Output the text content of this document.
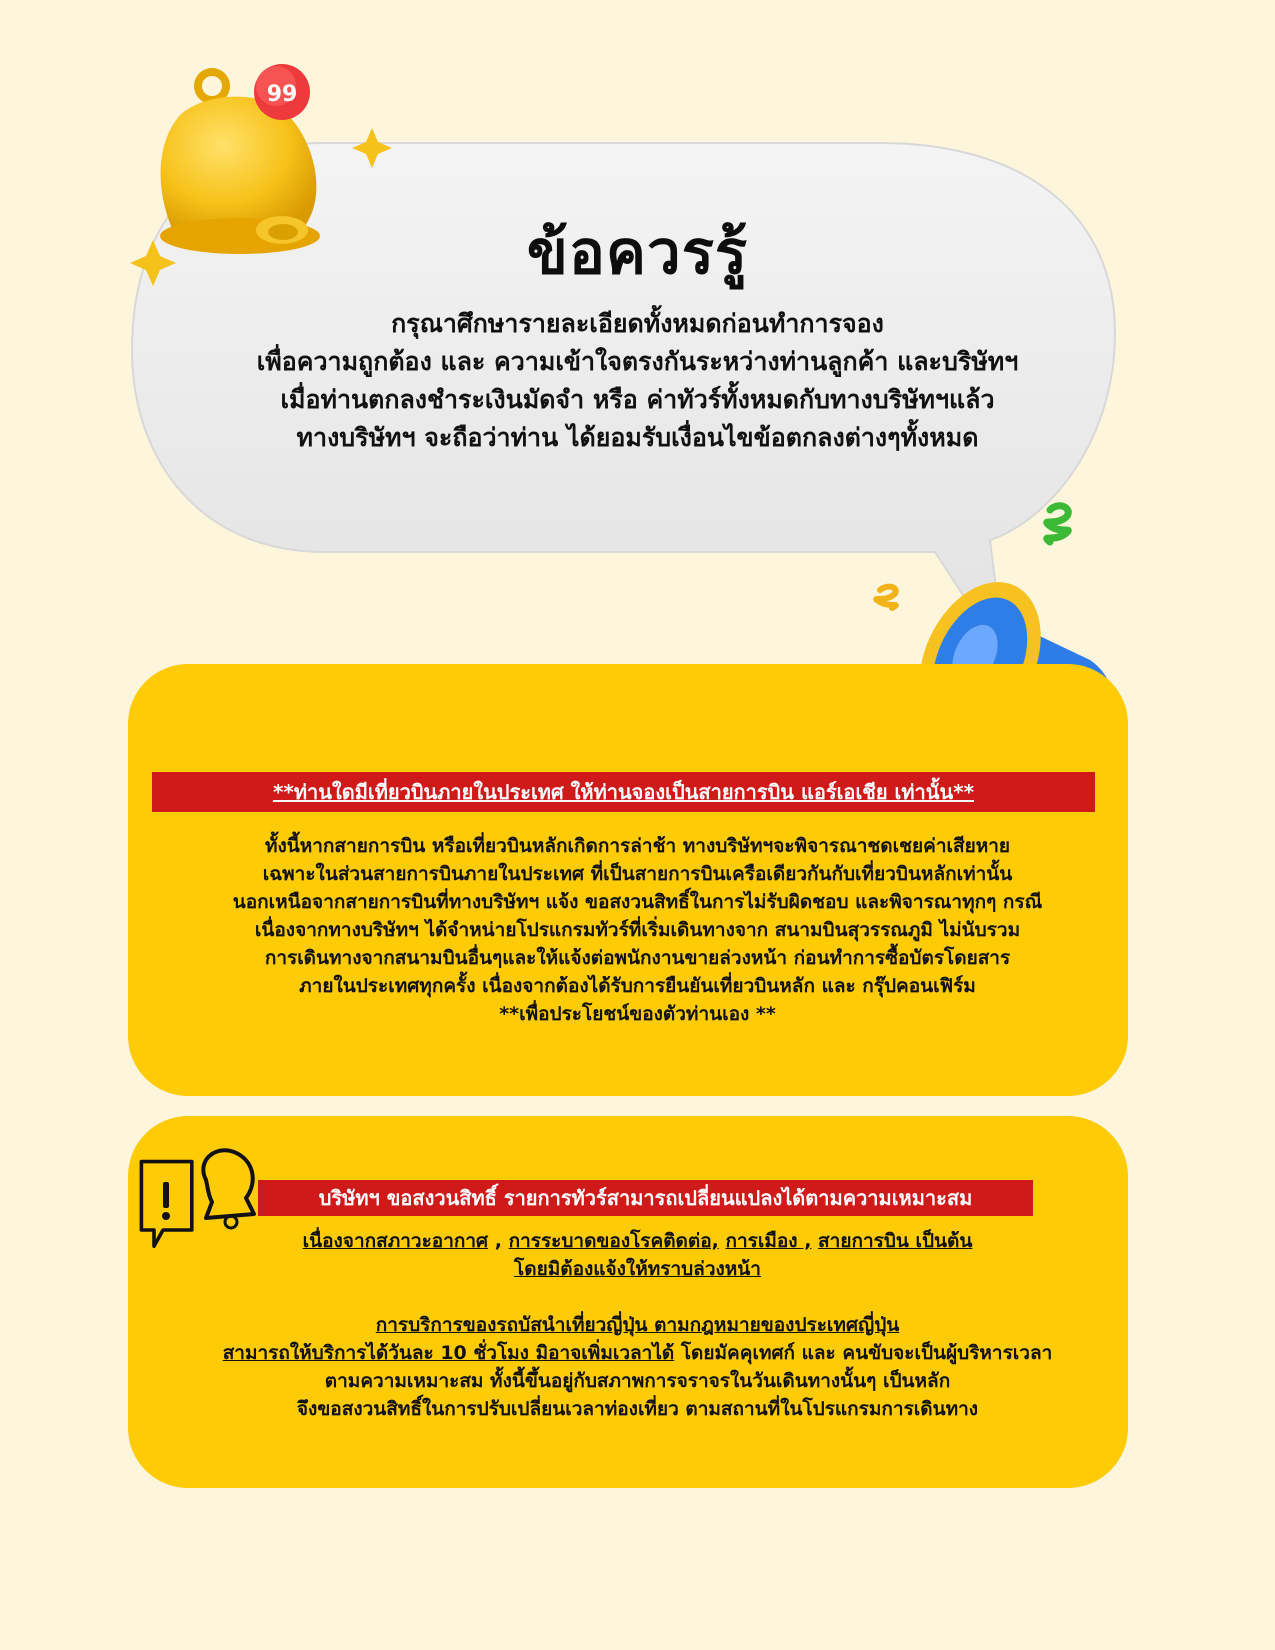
99
ข้อควรรู้
กรุณาศึกษารายละเอียดทั้งหมดก่อนทำการจอง
เพื่อความถูกต้อง และ ความเข้าใจตรงกันระหว่างท่านลูกค้า และบริษัทฯ
เมื่อท่านตกลงชำระเงินมัดจำ หรือ ค่าทัวร์ทั้งหมดกับทางบริษัทฯแล้ว
ทางบริษัทฯ จะถือว่าท่าน ได้ยอมรับเงื่อนไขข้อตกลงต่างๆทั้งหมด
**ท่านใดมีเที่ยวบินภายในประเทศ ให้ท่านจองเป็นสายการบิน แอร์เอเชีย เท่านั้น**
ทั้งนี้หากสายการบิน หรือเที่ยวบินหลักเกิดการล่าช้า ทางบริษัทฯจะพิจารณาชดเชยค่าเสียหาย
เฉพาะในส่วนสายการบินภายในประเทศ ที่เป็นสายการบินเครือเดียวกันกับเที่ยวบินหลักเท่านั้น
นอกเหนือจากสายการบินที่ทางบริษัทฯ แจ้ง ขอสงวนสิทธิ์ในการไม่รับผิดชอบ และพิจารณาทุกๆ กรณี
เนื่องจากทางบริษัทฯ ได้จำหน่ายโปรแกรมทัวร์ที่เริ่มเดินทางจาก สนามบินสุวรรณภูมิ ไม่นับรวม
การเดินทางจากสนามบินอื่นๆและให้แจ้งต่อพนักงานขายล่วงหน้า ก่อนทำการซื้อบัตรโดยสาร
ภายในประเทศทุกครั้ง เนื่องจากต้องได้รับการยืนยันเที่ยวบินหลัก และ กรุ๊ปคอนเฟิร์ม
**เพื่อประโยชน์ของตัวท่านเอง **
บริษัทฯ ขอสงวนสิทธิ์ รายการทัวร์สามารถเปลี่ยนแปลงได้ตามความเหมาะสม
เนื่องจากสภาวะอากาศ , การระบาดของโรคติดต่อ, การเมือง , สายการบิน เป็นต้น
โดยมิต้องแจ้งให้ทราบล่วงหน้า
การบริการของรถบัสนำเที่ยวญี่ปุ่น ตามกฎหมายของประเทศญี่ปุ่น
สามารถให้บริการได้วันละ 10 ชั่วโมง มิอาจเพิ่มเวลาได้ โดยมัคคุเทศก์ และ คนขับจะเป็นผู้บริหารเวลา
ตามความเหมาะสม ทั้งนี้ขึ้นอยู่กับสภาพการจราจรในวันเดินทางนั้นๆ เป็นหลัก
จึงขอสงวนสิทธิ์ในการปรับเปลี่ยนเวลาท่องเที่ยว ตามสถานที่ในโปรแกรมการเดินทาง
